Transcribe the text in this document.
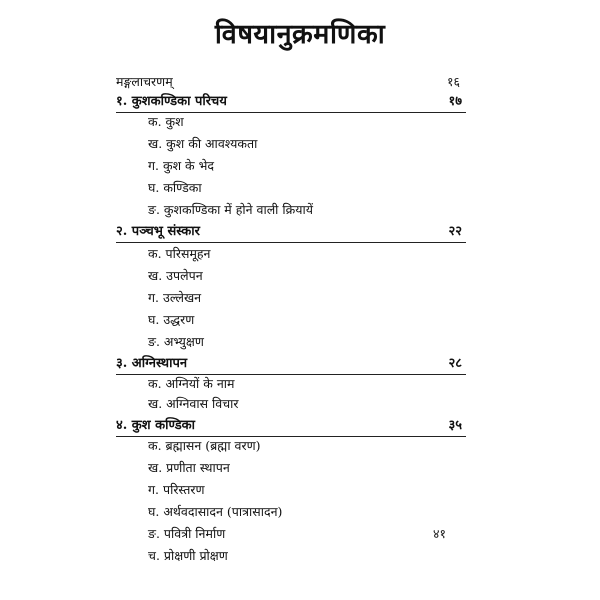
विषयानुक्रमणिका
मङ्गलाचरणम्	१६
१. कुशकण्डिका परिचय	१७
क. कुश
ख. कुश की आवश्यकता
ग. कुश के भेद
घ. कण्डिका
ङ. कुशकण्डिका में होने वाली क्रियायें
२. पञ्चभू संस्कार	२२
क. परिसमूहन
ख. उपलेपन
ग. उल्लेखन
घ. उद्धरण
ङ. अभ्युक्षण
३. अग्निस्थापन	२८
क. अग्नियों के नाम
ख. अग्निवास विचार
४. कुश कण्डिका	३५
क. ब्रह्मासन (ब्रह्मा वरण)
ख. प्रणीता स्थापन
ग. परिस्तरण
घ. अर्थवदासादन (पात्रासादन)
ङ. पवित्री निर्माण	४१
च. प्रोक्षणी प्रोक्षण
